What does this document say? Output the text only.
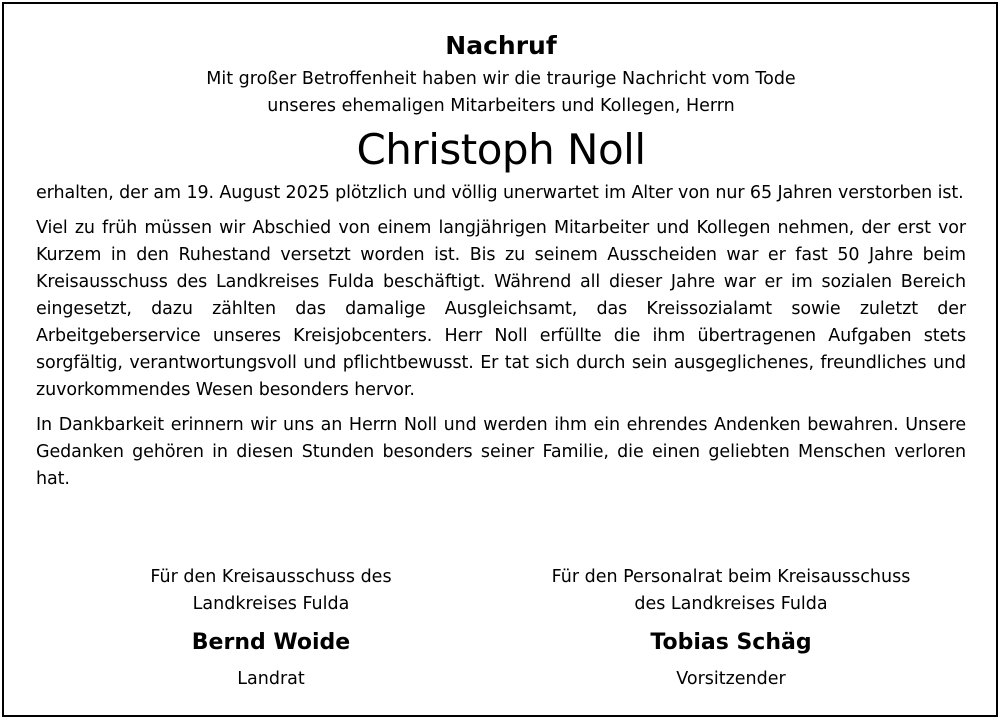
Nachruf

Mit großer Betroffenheit haben wir die traurige Nachricht vom Tode
unseres ehemaligen Mitarbeiters und Kollegen, Herrn

Christoph Noll

erhalten, der am 19. August 2025 plötzlich und völlig unerwartet im Alter von nur 65 Jahren verstorben ist.

Viel zu früh müssen wir Abschied von einem langjährigen Mitarbeiter und Kollegen nehmen, der erst vor Kurzem in den Ruhestand versetzt worden ist. Bis zu seinem Ausscheiden war er fast 50 Jahre beim Kreisausschuss des Landkreises Fulda beschäftigt. Während all dieser Jahre war er im sozialen Bereich eingesetzt, dazu zählten das damalige Ausgleichsamt, das Kreissozialamt sowie zuletzt der Arbeitgeberservice unseres Kreisjobcenters. Herr Noll erfüllte die ihm übertragenen Aufgaben stets sorgfältig, verantwortungsvoll und pflichtbewusst. Er tat sich durch sein ausgeglichenes, freundliches und zuvorkommendes Wesen besonders hervor.

In Dankbarkeit erinnern wir uns an Herrn Noll und werden ihm ein ehrendes Andenken bewahren. Unsere Gedanken gehören in diesen Stunden besonders seiner Familie, die einen geliebten Menschen verloren hat.

Für den Kreisausschuss des
Landkreises Fulda

Bernd Woide

Landrat

Für den Personalrat beim Kreisausschuss
des Landkreises Fulda

Tobias Schäg

Vorsitzender
